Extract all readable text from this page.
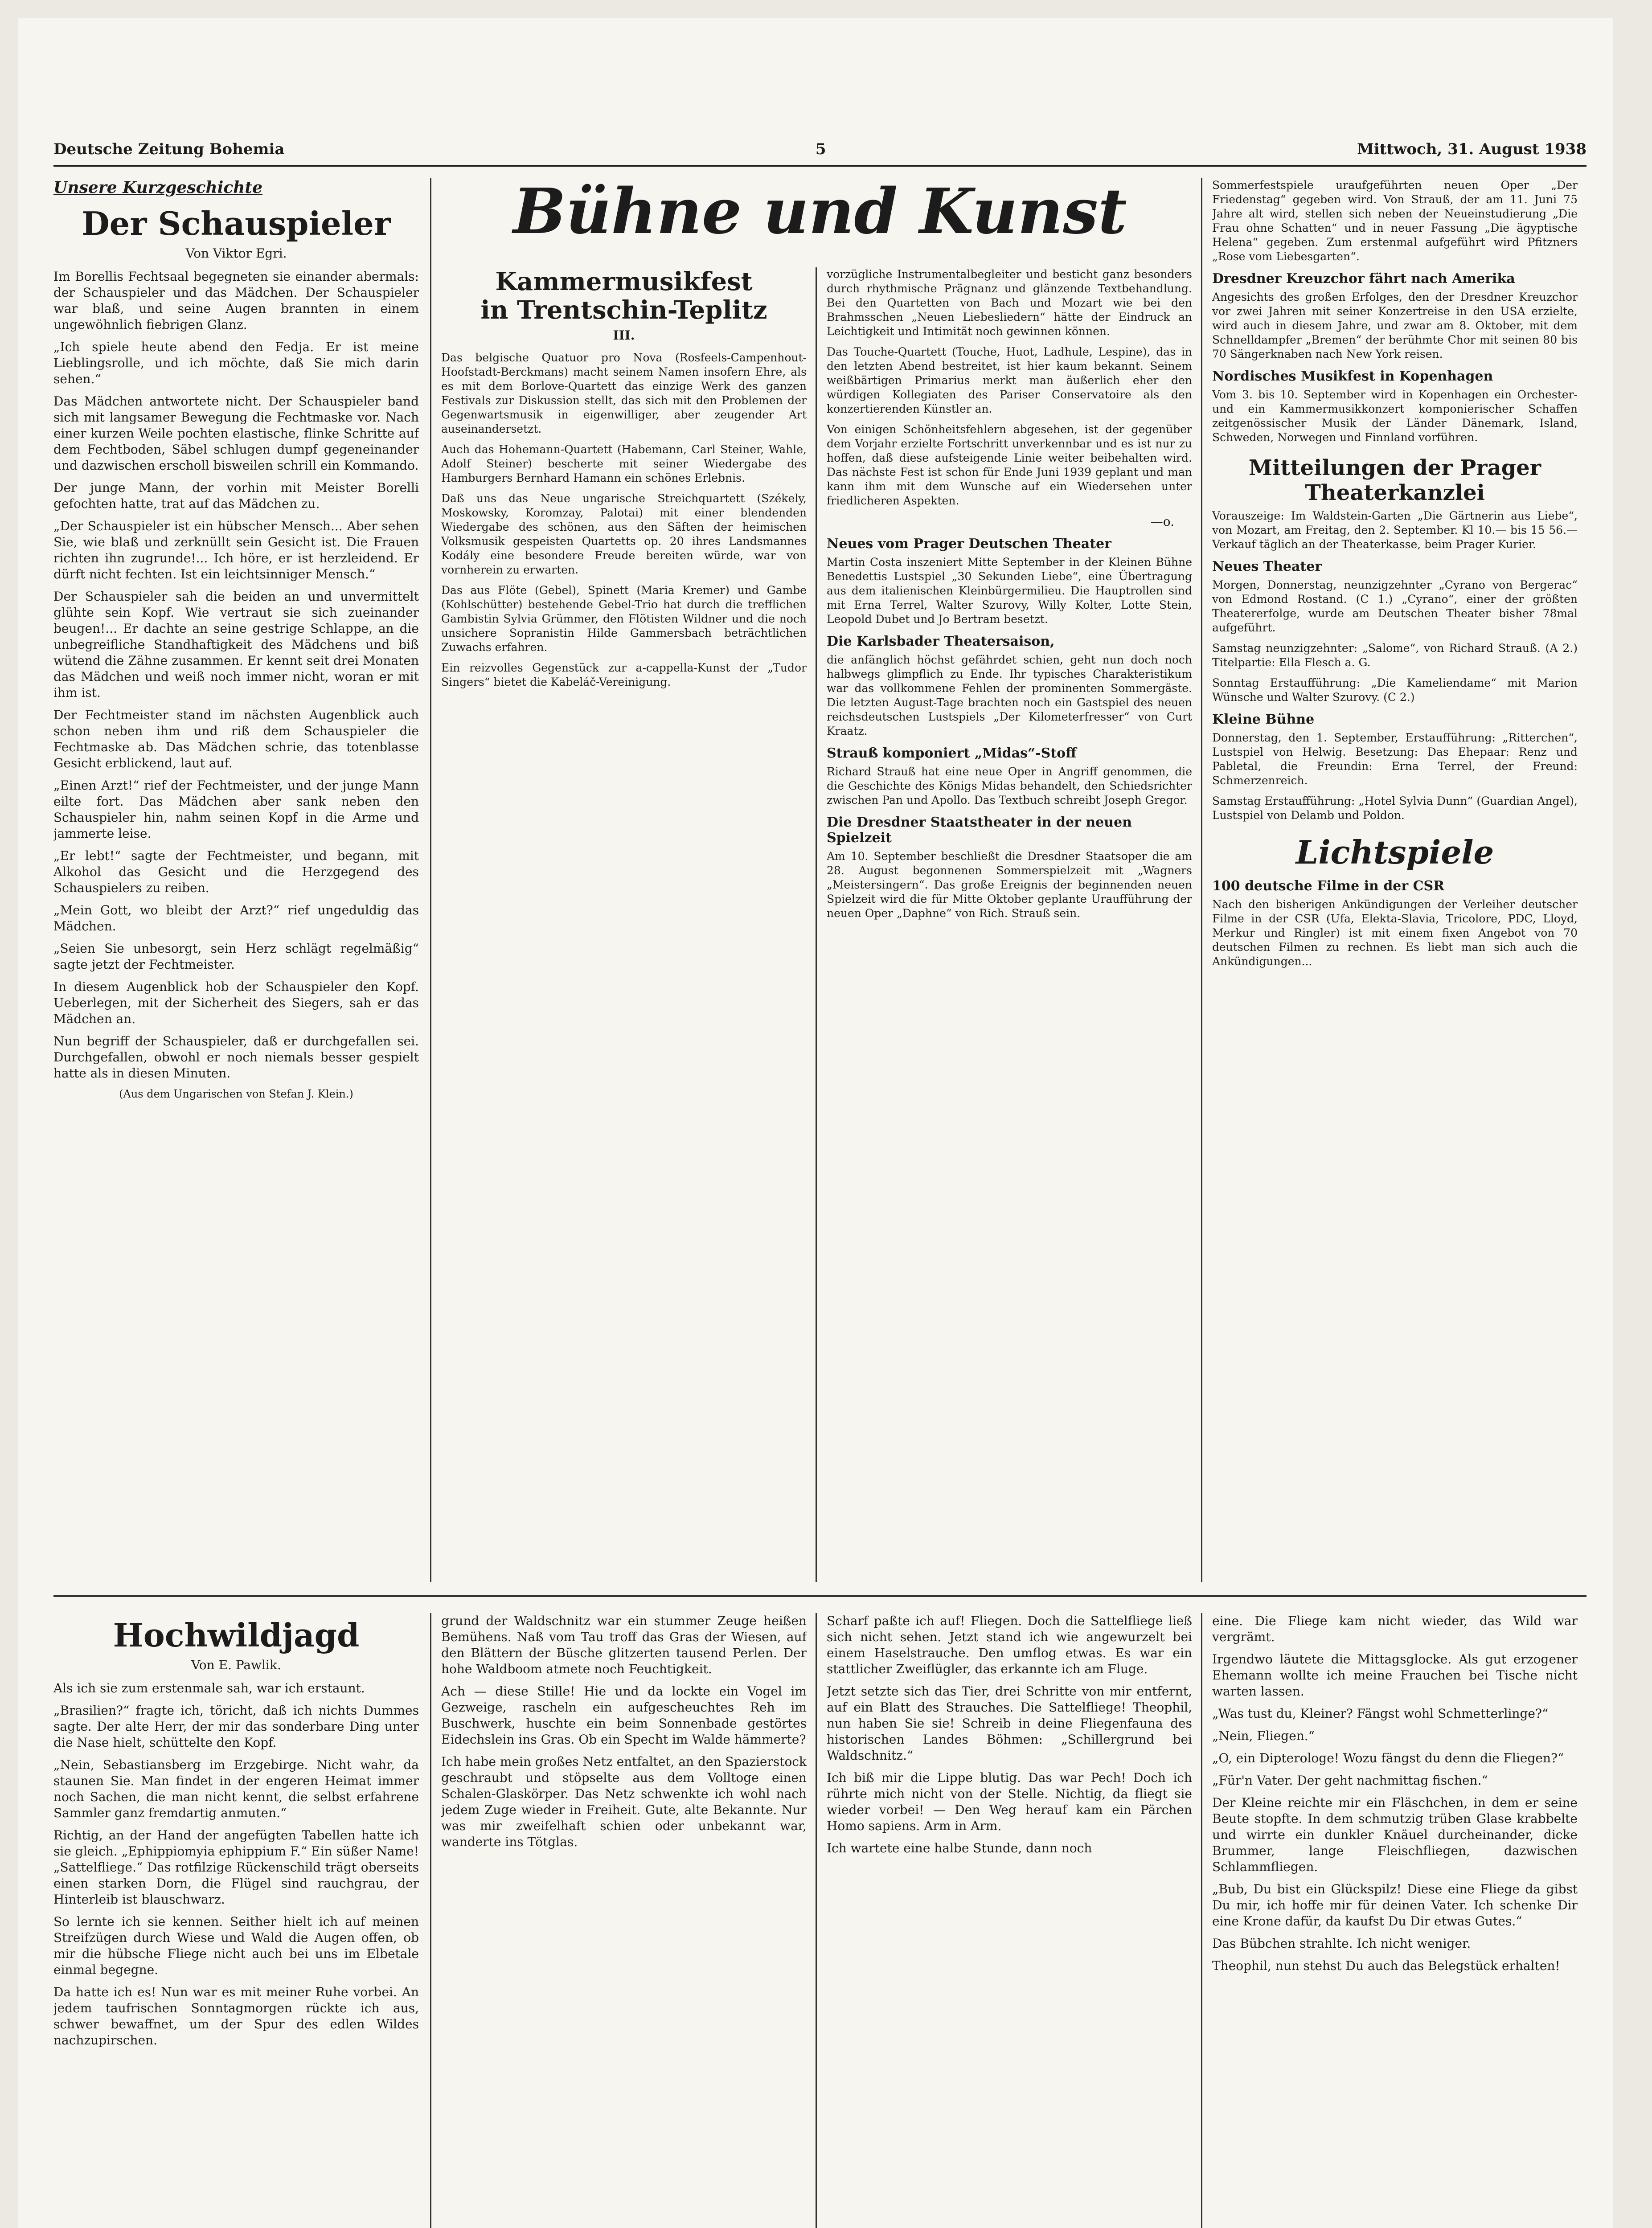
Deutsche Zeitung Bohemia	5	Mittwoch, 31. August 1938
Unsere Kurzgeschichte
Der Schauspieler
Von Viktor Egri.

Im Borellis Fechtsaal begegneten sie einander abermals: der Schauspieler und das Mädchen. Der Schauspieler war blaß, und seine Augen brannten in einem ungewöhnlich fiebrigen Glanz.

„Ich spiele heute abend den Fedja. Er ist meine Lieblingsrolle, und ich möchte, daß Sie mich darin sehen.“

Das Mädchen antwortete nicht. Der Schauspieler band sich mit langsamer Bewegung die Fechtmaske vor. Nach einer kurzen Weile pochten elastische, flinke Schritte auf dem Fechtboden, Säbel schlugen dumpf gegeneinander und dazwischen erscholl bisweilen schrill ein Kommando.

Der junge Mann, der vorhin mit Meister Borelli gefochten hatte, trat auf das Mädchen zu.

„Der Schauspieler ist ein hübscher Mensch... Aber sehen Sie, wie blaß und zerknüllt sein Gesicht ist. Die Frauen richten ihn zugrunde!... Ich höre, er ist herzleidend. Er dürft nicht fechten. Ist ein leichtsinniger Mensch.“

Der Schauspieler sah die beiden an und unvermittelt glühte sein Kopf. Wie vertraut sie sich zueinander beugen!... Er dachte an seine gestrige Schlappe, an die unbegreifliche Standhaftigkeit des Mädchens und biß wütend die Zähne zusammen. Er kennt seit drei Monaten das Mädchen und weiß noch immer nicht, woran er mit ihm ist.

Der Fechtmeister stand im nächsten Augenblick auch schon neben ihm und riß dem Schauspieler die Fechtmaske ab. Das Mädchen schrie, das totenblasse Gesicht erblickend, laut auf.

„Einen Arzt!“ rief der Fechtmeister, und der junge Mann eilte fort. Das Mädchen aber sank neben den Schauspieler hin, nahm seinen Kopf in die Arme und jammerte leise.

„Er lebt!“ sagte der Fechtmeister, und begann, mit Alkohol das Gesicht und die Herzgegend des Schauspielers zu reiben.

„Mein Gott, wo bleibt der Arzt?“ rief ungeduldig das Mädchen.

„Seien Sie unbesorgt, sein Herz schlägt regelmäßig“ sagte jetzt der Fechtmeister.

In diesem Augenblick hob der Schauspieler den Kopf. Ueberlegen, mit der Sicherheit des Siegers, sah er das Mädchen an.

Nun begriff der Schauspieler, daß er durchgefallen sei. Durchgefallen, obwohl er noch niemals besser gespielt hatte als in diesen Minuten.

(Aus dem Ungarischen von Stefan J. Klein.)
Bühne und Kunst
Kammermusikfest
in Trentschin-Teplitz
III.

Das belgische Quatuor pro Nova (Rosfeels-Campenhout-Hoofstadt-Berckmans) macht seinem Namen insofern Ehre, als es mit dem Borlove-Quartett das einzige Werk des ganzen Festivals zur Diskussion stellt, das sich mit den Problemen der Gegenwartsmusik in eigenwilliger, aber zeugender Art auseinandersetzt.

Auch das Hohemann-Quartett (Habemann, Carl Steiner, Wahle, Adolf Steiner) bescherte mit seiner Wiedergabe des Hamburgers Bernhard Hamann ein schönes Erlebnis.

Daß uns das Neue ungarische Streichquartett (Székely, Moskowsky, Koromzay, Palotai) mit einer blendenden Wiedergabe des schönen, aus den Säften der heimischen Volksmusik gespeisten Quartetts op. 20 ihres Landsmannes Kodály eine besondere Freude bereiten würde, war von vornherein zu erwarten.

Das aus Flöte (Gebel), Spinett (Maria Kremer) und Gambe (Kohlschütter) bestehende Gebel-Trio hat durch die trefflichen Gambistin Sylvia Grümmer, den Flötisten Wildner und die noch unsichere Sopranistin Hilde Gammersbach beträchtlichen Zuwachs erfahren.

Ein reizvolles Gegenstück zur a-cappella-Kunst der „Tudor Singers“ bietet die Kabeláč-Vereinigung.

vorzügliche Instrumentalbegleiter und besticht ganz besonders durch rhythmische Prägnanz und glänzende Textbehandlung. Bei den Quartetten von Bach und Mozart wie bei den Brahmsschen „Neuen Liebesliedern“ hätte der Eindruck an Leichtigkeit und Intimität noch gewinnen können.

Das Touche-Quartett (Touche, Huot, Ladhule, Lespine), das in den letzten Abend bestreitet, ist hier kaum bekannt. Seinem weißbärtigen Primarius merkt man äußerlich eher den würdigen Kollegiaten des Pariser Conservatoire als den konzertierenden Künstler an.

Von einigen Schönheitsfehlern abgesehen, ist der gegenüber dem Vorjahr erzielte Fortschritt unverkennbar und es ist nur zu hoffen, daß diese aufsteigende Linie weiter beibehalten wird. Das nächste Fest ist schon für Ende Juni 1939 geplant und man kann ihm mit dem Wunsche auf ein Wiedersehen unter friedlicheren Aspekten.

—o.
Neues vom Prager Deutschen Theater

Martin Costa inszeniert Mitte September in der Kleinen Bühne Benedettis Lustspiel „30 Sekunden Liebe“, eine Übertragung aus dem italienischen Kleinbürgermilieu. Die Hauptrollen sind mit Erna Terrel, Walter Szurovy, Willy Kolter, Lotte Stein, Leopold Dubet und Jo Bertram besetzt.

Die Karlsbader Theatersaison,

die anfänglich höchst gefährdet schien, geht nun doch noch halbwegs glimpflich zu Ende. Ihr typisches Charakteristikum war das vollkommene Fehlen der prominenten Sommergäste. Die letzten August-Tage brachten noch ein Gastspiel des neuen reichsdeutschen Lustspiels „Der Kilometerfresser“ von Curt Kraatz.

Strauß komponiert „Midas“-Stoff

Richard Strauß hat eine neue Oper in Angriff genommen, die die Geschichte des Königs Midas behandelt, den Schiedsrichter zwischen Pan und Apollo. Das Textbuch schreibt Joseph Gregor.

Die Dresdner Staatstheater in der neuen Spielzeit

Am 10. September beschließt die Dresdner Staatsoper die am 28. August begonnenen Sommerspielzeit mit „Wagners „Meistersingern“. Das große Ereignis der beginnenden neuen Spielzeit wird die für Mitte Oktober geplante Uraufführung der neuen Oper „Daphne“ von Rich. Strauß sein.

Sommerfestspiele uraufgeführten neuen Oper „Der Friedenstag“ gegeben wird. Von Strauß, der am 11. Juni 75 Jahre alt wird, stellen sich neben der Neueinstudierung „Die Frau ohne Schatten“ und in neuer Fassung „Die ägyptische Helena“ gegeben. Zum erstenmal aufgeführt wird Pfitzners „Rose vom Liebesgarten“.

Dresdner Kreuzchor fährt nach Amerika

Angesichts des großen Erfolges, den der Dresdner Kreuzchor vor zwei Jahren mit seiner Konzertreise in den USA erzielte, wird auch in diesem Jahre, und zwar am 8. Oktober, mit dem Schnelldampfer „Bremen“ der berühmte Chor mit seinen 80 bis 70 Sängerknaben nach New York reisen.

Nordisches Musikfest in Kopenhagen

Vom 3. bis 10. September wird in Kopenhagen ein Orchester- und ein Kammermusikkonzert komponierischer Schaffen zeitgenössischer Musik der Länder Dänemark, Island, Schweden, Norwegen und Finnland vorführen.

Mitteilungen der Prager Theaterkanzlei

Vorauszeige: Im Waldstein-Garten „Die Gärtnerin aus Liebe“, von Mozart, am Freitag, den 2. September. Kl 10.— bis 15 56.— Verkauf täglich an der Theaterkasse, beim Prager Kurier.

Neues Theater

Morgen, Donnerstag, neunzigzehnter „Cyrano von Bergerac“ von Edmond Rostand. (C 1.) „Cyrano“, einer der größten Theatererfolge, wurde am Deutschen Theater bisher 78mal aufgeführt.

Samstag neunzigzehnter: „Salome“, von Richard Strauß. (A 2.) Titelpartie: Ella Flesch a. G.

Sonntag Erstaufführung: „Die Kameliendame“ mit Marion Wünsche und Walter Szurovy. (C 2.)

Kleine Bühne

Donnerstag, den 1. September, Erstaufführung: „Ritterchen“, Lustspiel von Helwig. Besetzung: Das Ehepaar: Renz und Pabletal, die Freundin: Erna Terrel, der Freund: Schmerzenreich.

Samstag Erstaufführung: „Hotel Sylvia Dunn“ (Guardian Angel), Lustspiel von Delamb und Poldon.

Lichtspiele
100 deutsche Filme in der CSR

Nach den bisherigen Ankündigungen der Verleiher deutscher Filme in der CSR (Ufa, Elekta-Slavia, Tricolore, PDC, Lloyd, Merkur und Ringler) ist mit einem fixen Angebot von 70 deutschen Filmen zu rechnen. Es liebt man sich auch die Ankündigungen...

Hochwildjagd
Von E. Pawlik.

Als ich sie zum erstenmale sah, war ich erstaunt.

„Brasilien?“ fragte ich, töricht, daß ich nichts Dummes sagte. Der alte Herr, der mir das sonderbare Ding unter die Nase hielt, schüttelte den Kopf.

„Nein, Sebastiansberg im Erzgebirge. Nicht wahr, da staunen Sie. Man findet in der engeren Heimat immer noch Sachen, die man nicht kennt, die selbst erfahrene Sammler ganz fremdartig anmuten.“

Richtig, an der Hand der angefügten Tabellen hatte ich sie gleich. „Ephippiomyia ephippium F.“ Ein süßer Name! „Sattelfliege.“ Das rotfilzige Rückenschild trägt oberseits einen starken Dorn, die Flügel sind rauchgrau, der Hinterleib ist blauschwarz.

So lernte ich sie kennen. Seither hielt ich auf meinen Streifzügen durch Wiese und Wald die Augen offen, ob mir die hübsche Fliege nicht auch bei uns im Elbetale einmal begegne.

Da hatte ich es! Nun war es mit meiner Ruhe vorbei. An jedem taufrischen Sonntagmorgen rückte ich aus, schwer bewaffnet, um der Spur des edlen Wildes nachzupirschen.

grund der Waldschnitz war ein stummer Zeuge heißen Bemühens. Naß vom Tau troff das Gras der Wiesen, auf den Blättern der Büsche glitzerten tausend Perlen. Der hohe Waldboom atmete noch Feuchtigkeit.

Ach — diese Stille! Hie und da lockte ein Vogel im Gezweige, rascheln ein aufgescheuchtes Reh im Buschwerk, huschte ein beim Sonnenbade gestörtes Eidechslein ins Gras. Ob ein Specht im Walde hämmerte?

Ich habe mein großes Netz entfaltet, an den Spazierstock geschraubt und stöpselte aus dem Volltoge einen Schalen-Glaskörper. Das Netz schwenkte ich wohl nach jedem Zuge wieder in Freiheit. Gute, alte Bekannte. Nur was mir zweifelhaft schien oder unbekannt war, wanderte ins Tötglas.

Scharf paßte ich auf! Fliegen. Doch die Sattelfliege ließ sich nicht sehen. Jetzt stand ich wie angewurzelt bei einem Haselstrauche. Den umflog etwas. Es war ein stattlicher Zweiflügler, das erkannte ich am Fluge.

Jetzt setzte sich das Tier, drei Schritte von mir entfernt, auf ein Blatt des Strauches. Die Sattelfliege! Theophil, nun haben Sie sie! Schreib in deine Fliegenfauna des historischen Landes Böhmen: „Schillergrund bei Waldschnitz.“

Ich biß mir die Lippe blutig. Das war Pech! Doch ich rührte mich nicht von der Stelle. Nichtig, da fliegt sie wieder vorbei! — Den Weg herauf kam ein Pärchen Homo sapiens. Arm in Arm.

Ich wartete eine halbe Stunde, dann noch

eine. Die Fliege kam nicht wieder, das Wild war vergrämt.

Irgendwo läutete die Mittagsglocke. Als gut erzogener Ehemann wollte ich meine Frauchen bei Tische nicht warten lassen.

„Was tust du, Kleiner? Fängst wohl Schmetterlinge?“

„Nein, Fliegen.“

„O, ein Dipterologe! Wozu fängst du denn die Fliegen?“

„Für'n Vater. Der geht nachmittag fischen.“

Der Kleine reichte mir ein Fläschchen, in dem er seine Beute stopfte. In dem schmutzig trüben Glase krabbelte und wirrte ein dunkler Knäuel durcheinander, dicke Brummer, lange Fleischfliegen, dazwischen Schlammfliegen.

„Bub, Du bist ein Glückspilz! Diese eine Fliege da gibst Du mir, ich hoffe mir für deinen Vater. Ich schenke Dir eine Krone dafür, da kaufst Du Dir etwas Gutes.“

Das Bübchen strahlte. Ich nicht weniger.

Theophil, nun stehst Du auch das Belegstück erhalten!
